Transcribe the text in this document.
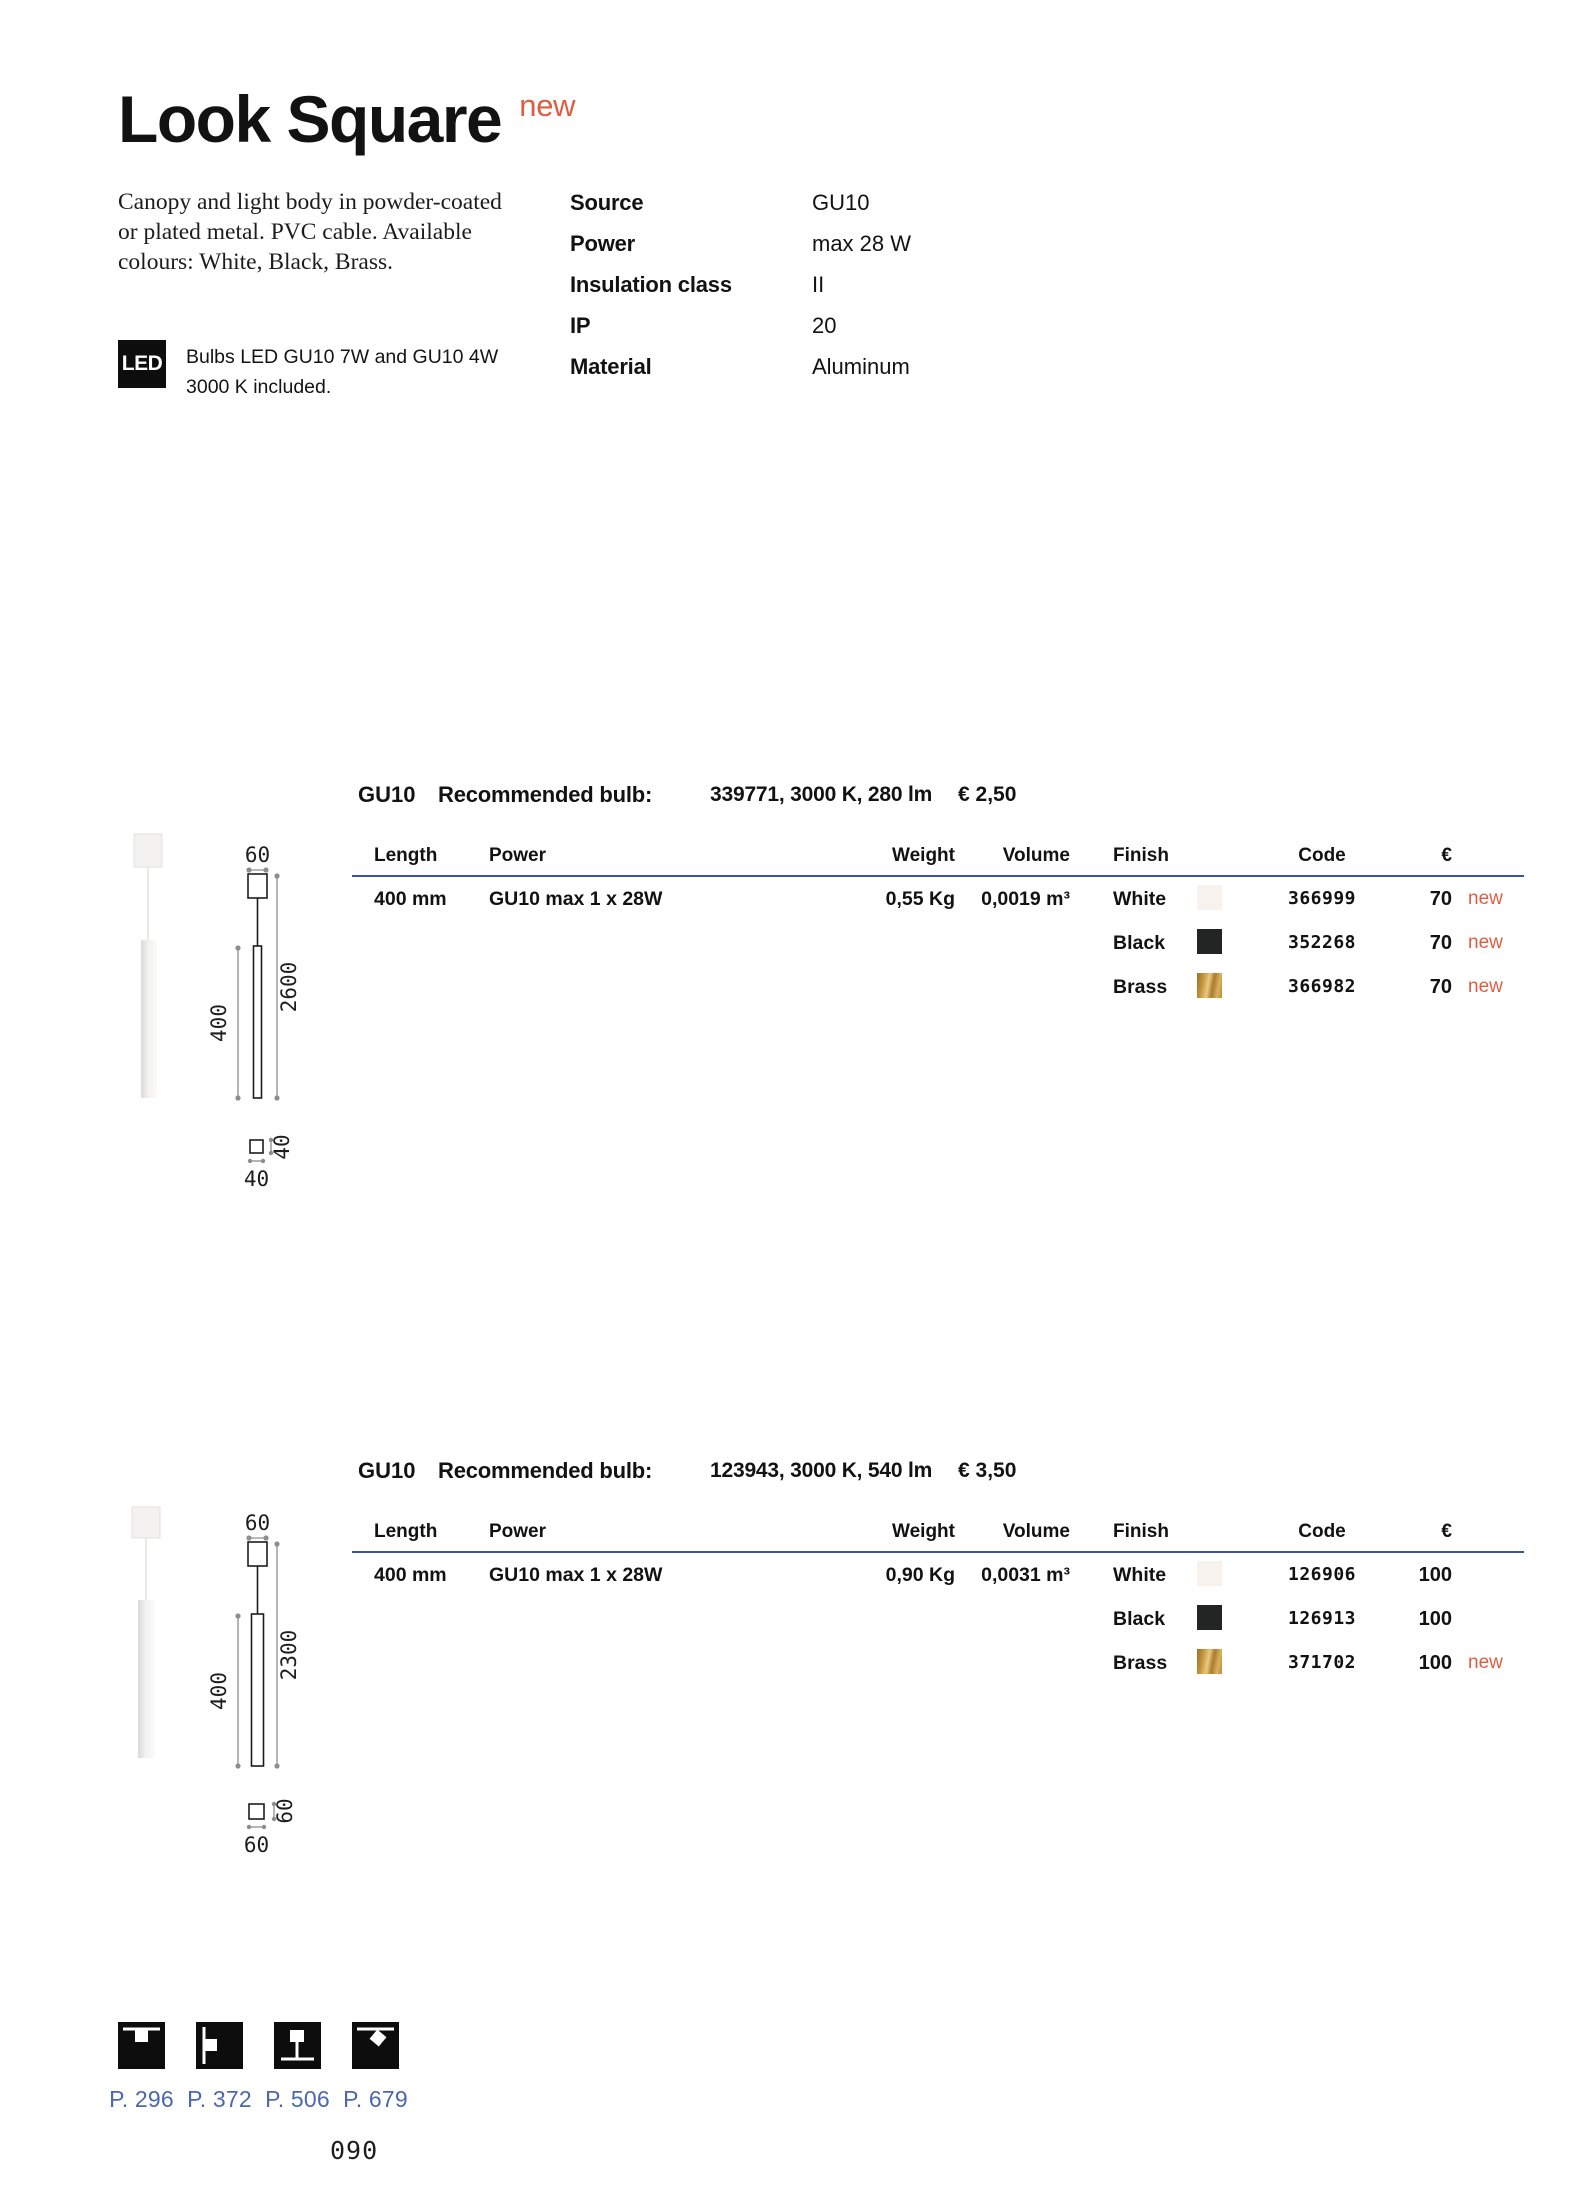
Look Square new
Canopy and light body in powder-coated or plated metal. PVC cable. Available colours: White, Black, Brass.
LED Bulbs LED GU10 7W and GU10 4W 3000 K included.
Source	GU10
Power	max 28 W
Insulation class	II
IP	20
Material	Aluminum
60
400
2600
40
40
GU10 Recommended bulb:	339771, 3000 K, 280 lm € 2,50
Length	Power	Weight	Volume Finish	Code	€
400 mm GU10 max 1 x 28W	0,55 Kg	0,0019 m³ White	366999	70 new
Black	352268	70 new
Brass	366982	70 new
60
400
2300
60
60
GU10 Recommended bulb:	123943, 3000 K, 540 lm € 3,50
Length	Power	Weight	Volume Finish	Code	€
400 mm GU10 max 1 x 28W	0,90 Kg	0,0031 m³ White	126906	100
Black	126913	100
Brass	371702	100 new
P. 296 P. 372 P. 506 P. 679
090
